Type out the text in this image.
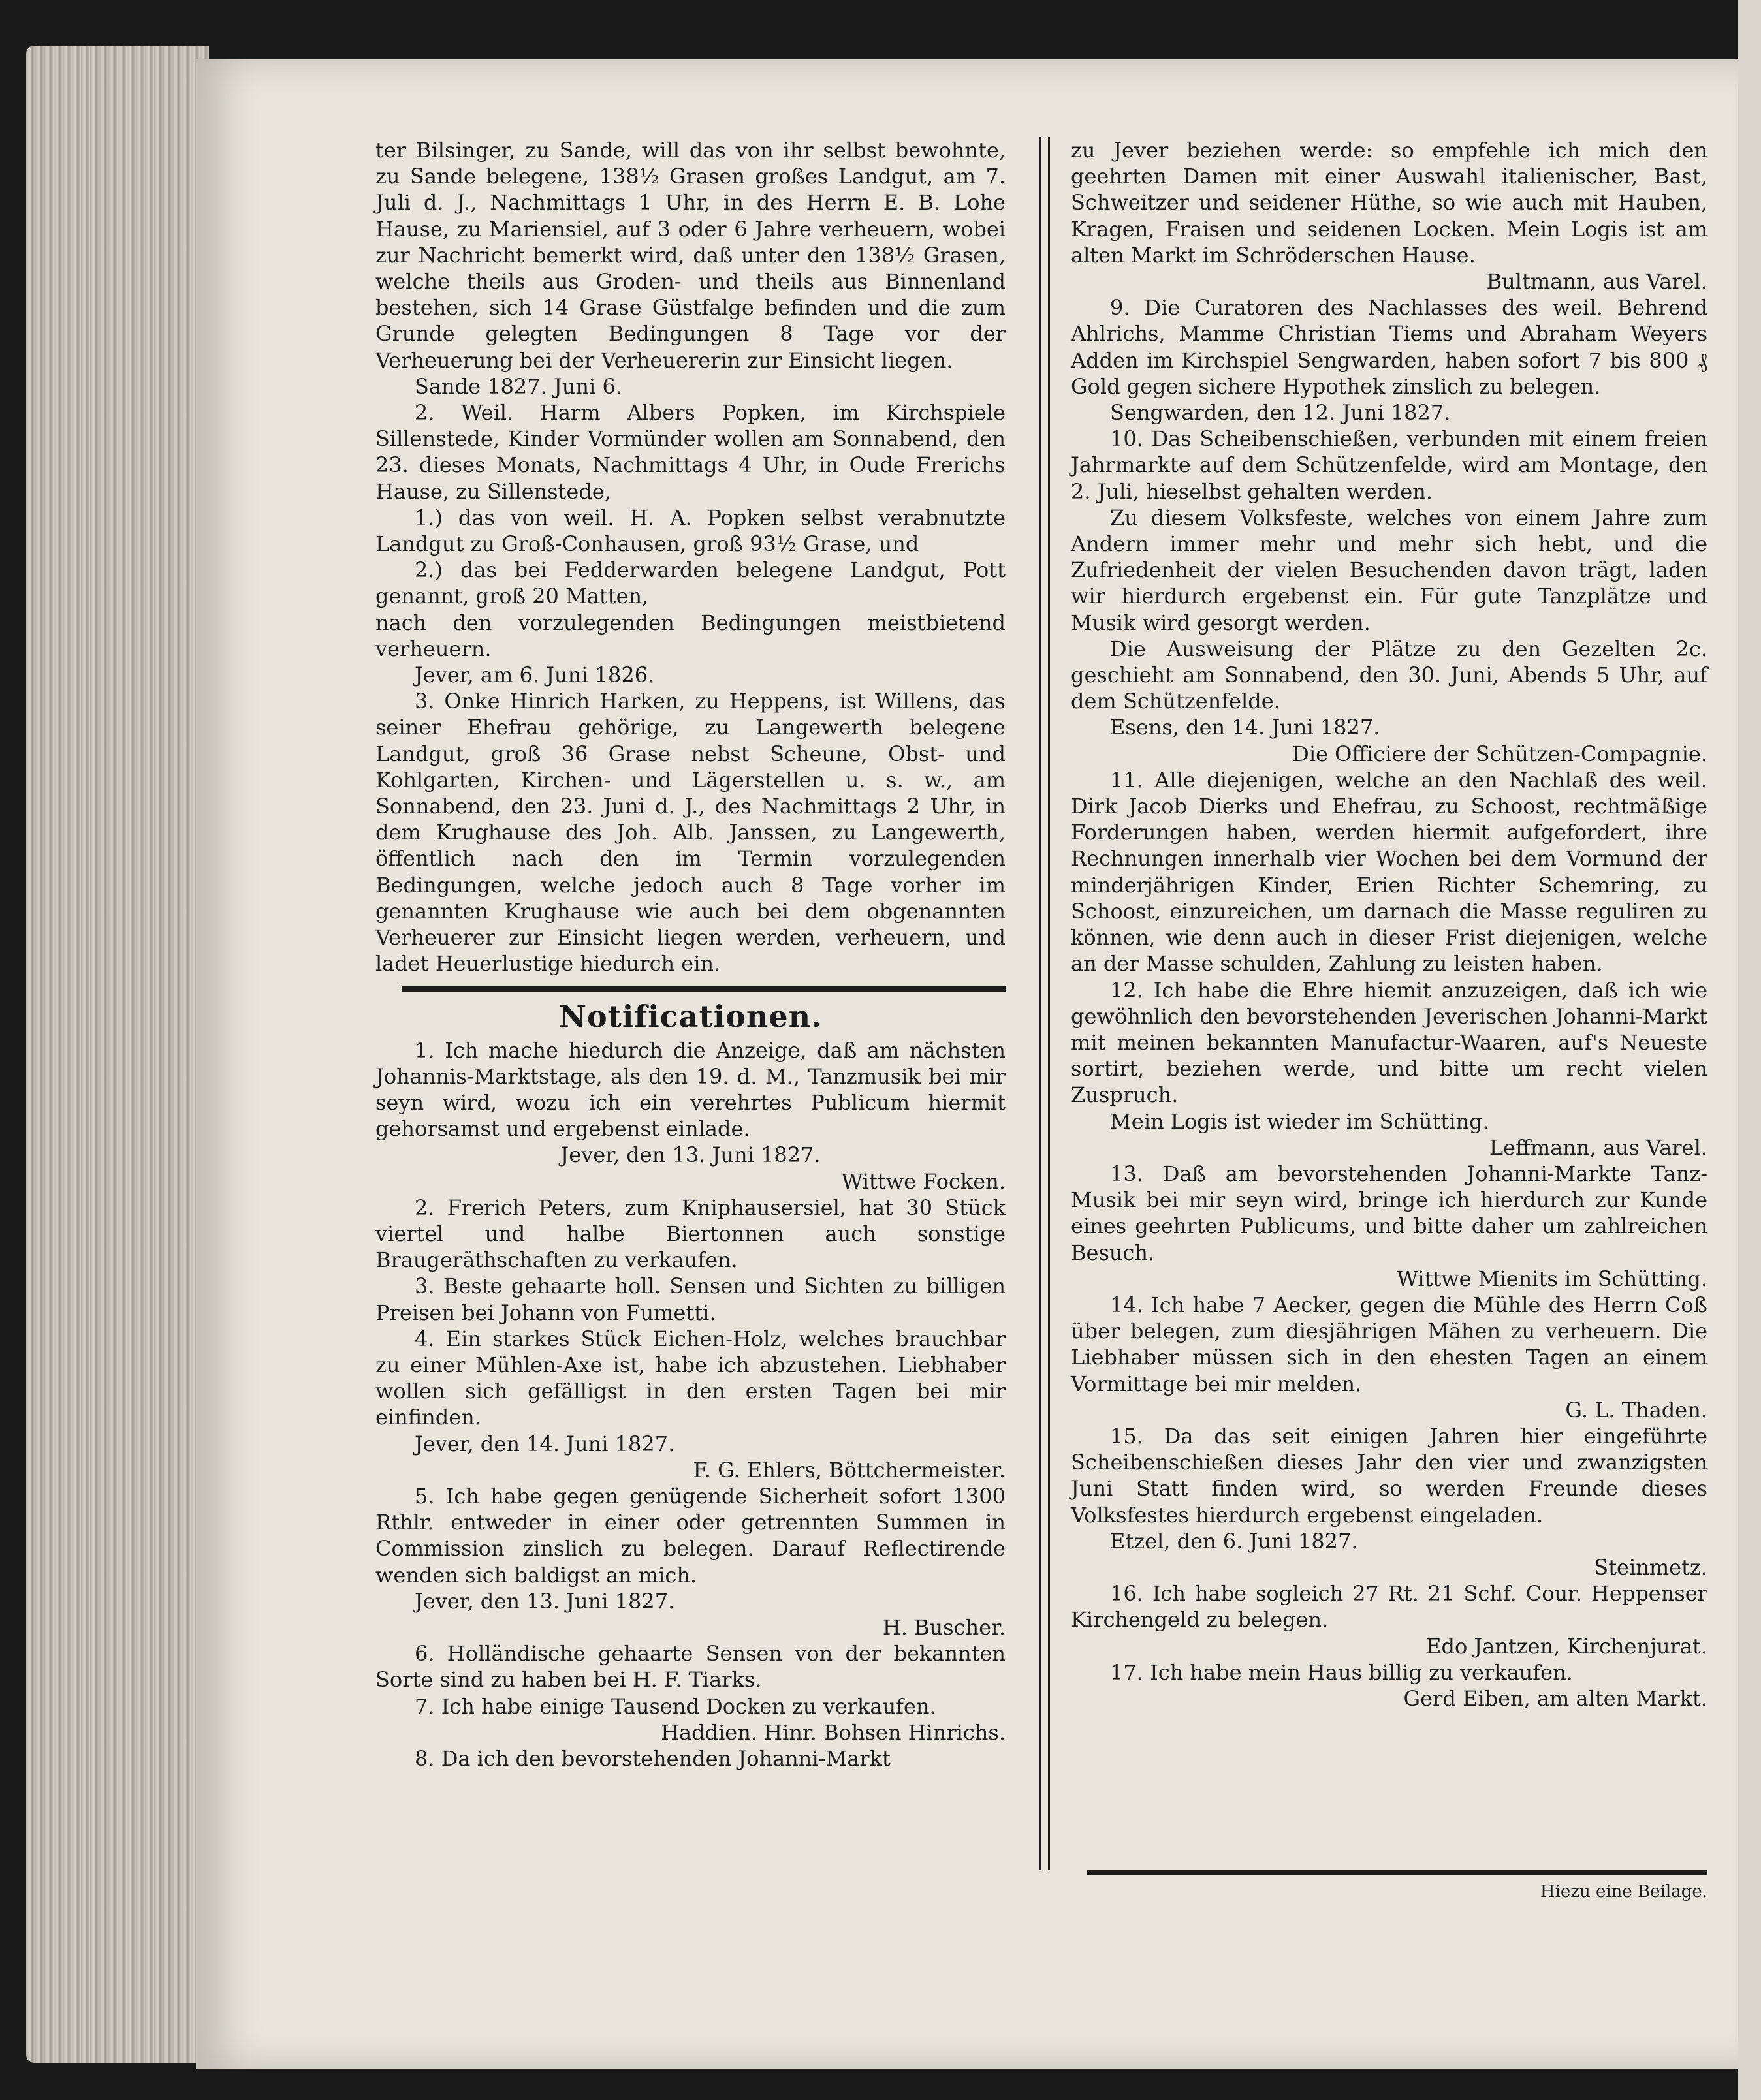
ter Bilsinger, zu Sande, will das von ihr selbst bewohnte, zu Sande belegene, 138½ Grasen großes Landgut, am 7. Juli d. J., Nachmittags 1 Uhr, in des Herrn E. B. Lohe Hause, zu Mariensiel, auf 3 oder 6 Jahre verheuern, wobei zur Nachricht bemerkt wird, daß unter den 138½ Grasen, welche theils aus Groden- und theils aus Binnenland bestehen, sich 14 Grase Güstfalge befinden und die zum Grunde gelegten Bedingungen 8 Tage vor der Verheuerung bei der Verheuererin zur Einsicht liegen.

Sande 1827. Juni 6.

2. Weil. Harm Albers Popken, im Kirchspiele Sillenstede, Kinder Vormünder wollen am Sonnabend, den 23. dieses Monats, Nachmittags 4 Uhr, in Oude Frerichs Hause, zu Sillenstede,

1.) das von weil. H. A. Popken selbst verabnutzte Landgut zu Groß-Conhausen, groß 93½ Grase, und

2.) das bei Fedderwarden belegene Landgut, Pott genannt, groß 20 Matten,

nach den vorzulegenden Bedingungen meistbietend verheuern.

Jever, am 6. Juni 1826.

3. Onke Hinrich Harken, zu Heppens, ist Willens, das seiner Ehefrau gehörige, zu Langewerth belegene Landgut, groß 36 Grase nebst Scheune, Obst- und Kohlgarten, Kirchen- und Lägerstellen u. s. w., am Sonnabend, den 23. Juni d. J., des Nachmittags 2 Uhr, in dem Krughause des Joh. Alb. Janssen, zu Langewerth, öffentlich nach den im Termin vorzulegenden Bedingungen, welche jedoch auch 8 Tage vorher im genannten Krughause wie auch bei dem obgenannten Verheuerer zur Einsicht liegen werden, verheuern, und ladet Heuerlustige hiedurch ein.

Notificationen.

1. Ich mache hiedurch die Anzeige, daß am nächsten Johannis-Marktstage, als den 19. d. M., Tanzmusik bei mir seyn wird, wozu ich ein verehrtes Publicum hiermit gehorsamst und ergebenst einlade.

Jever, den 13. Juni 1827.

Wittwe Focken.

2. Frerich Peters, zum Kniphausersiel, hat 30 Stück viertel und halbe Biertonnen auch sonstige Braugeräthschaften zu verkaufen.

3. Beste gehaarte holl. Sensen und Sichten zu billigen Preisen bei Johann von Fumetti.

4. Ein starkes Stück Eichen-Holz, welches brauchbar zu einer Mühlen-Axe ist, habe ich abzustehen. Liebhaber wollen sich gefälligst in den ersten Tagen bei mir einfinden.

Jever, den 14. Juni 1827.

F. G. Ehlers, Böttchermeister.

5. Ich habe gegen genügende Sicherheit sofort 1300 Rthlr. entweder in einer oder getrennten Summen in Commission zinslich zu belegen. Darauf Reflectirende wenden sich baldigst an mich.

Jever, den 13. Juni 1827.

H. Buscher.

6. Holländische gehaarte Sensen von der bekannten Sorte sind zu haben bei H. F. Tiarks.

7. Ich habe einige Tausend Docken zu verkaufen.

Haddien. Hinr. Bohsen Hinrichs.

8. Da ich den bevorstehenden Johanni-Markt

zu Jever beziehen werde: so empfehle ich mich den geehrten Damen mit einer Auswahl italienischer, Bast, Schweitzer und seidener Hüthe, so wie auch mit Hauben, Kragen, Fraisen und seidenen Locken. Mein Logis ist am alten Markt im Schröderschen Hause.

Bultmann, aus Varel.

9. Die Curatoren des Nachlasses des weil. Behrend Ahlrichs, Mamme Christian Tiems und Abraham Weyers Adden im Kirchspiel Sengwarden, haben sofort 7 bis 800 ₰ Gold gegen sichere Hypothek zinslich zu belegen.

Sengwarden, den 12. Juni 1827.

10. Das Scheibenschießen, verbunden mit einem freien Jahrmarkte auf dem Schützenfelde, wird am Montage, den 2. Juli, hieselbst gehalten werden.

Zu diesem Volksfeste, welches von einem Jahre zum Andern immer mehr und mehr sich hebt, und die Zufriedenheit der vielen Besuchenden davon trägt, laden wir hierdurch ergebenst ein. Für gute Tanzplätze und Musik wird gesorgt werden.

Die Ausweisung der Plätze zu den Gezelten 2c. geschieht am Sonnabend, den 30. Juni, Abends 5 Uhr, auf dem Schützenfelde.

Esens, den 14. Juni 1827.

Die Officiere der Schützen-Compagnie.

11. Alle diejenigen, welche an den Nachlaß des weil. Dirk Jacob Dierks und Ehefrau, zu Schoost, rechtmäßige Forderungen haben, werden hiermit aufgefordert, ihre Rechnungen innerhalb vier Wochen bei dem Vormund der minderjährigen Kinder, Erien Richter Schemring, zu Schoost, einzureichen, um darnach die Masse reguliren zu können, wie denn auch in dieser Frist diejenigen, welche an der Masse schulden, Zahlung zu leisten haben.

12. Ich habe die Ehre hiemit anzuzeigen, daß ich wie gewöhnlich den bevorstehenden Jeverischen Johanni-Markt mit meinen bekannten Manufactur-Waaren, auf's Neueste sortirt, beziehen werde, und bitte um recht vielen Zuspruch.

Mein Logis ist wieder im Schütting.

Leffmann, aus Varel.

13. Daß am bevorstehenden Johanni-Markte Tanz-Musik bei mir seyn wird, bringe ich hierdurch zur Kunde eines geehrten Publicums, und bitte daher um zahlreichen Besuch.

Wittwe Mienits im Schütting.

14. Ich habe 7 Aecker, gegen die Mühle des Herrn Coß über belegen, zum diesjährigen Mähen zu verheuern. Die Liebhaber müssen sich in den ehesten Tagen an einem Vormittage bei mir melden.

G. L. Thaden.

15. Da das seit einigen Jahren hier eingeführte Scheibenschießen dieses Jahr den vier und zwanzigsten Juni Statt finden wird, so werden Freunde dieses Volksfestes hierdurch ergebenst eingeladen.

Etzel, den 6. Juni 1827.

Steinmetz.

16. Ich habe sogleich 27 Rt. 21 Schf. Cour. Heppenser Kirchengeld zu belegen.

Edo Jantzen, Kirchenjurat.

17. Ich habe mein Haus billig zu verkaufen.

Gerd Eiben, am alten Markt.

Hiezu eine Beilage.
